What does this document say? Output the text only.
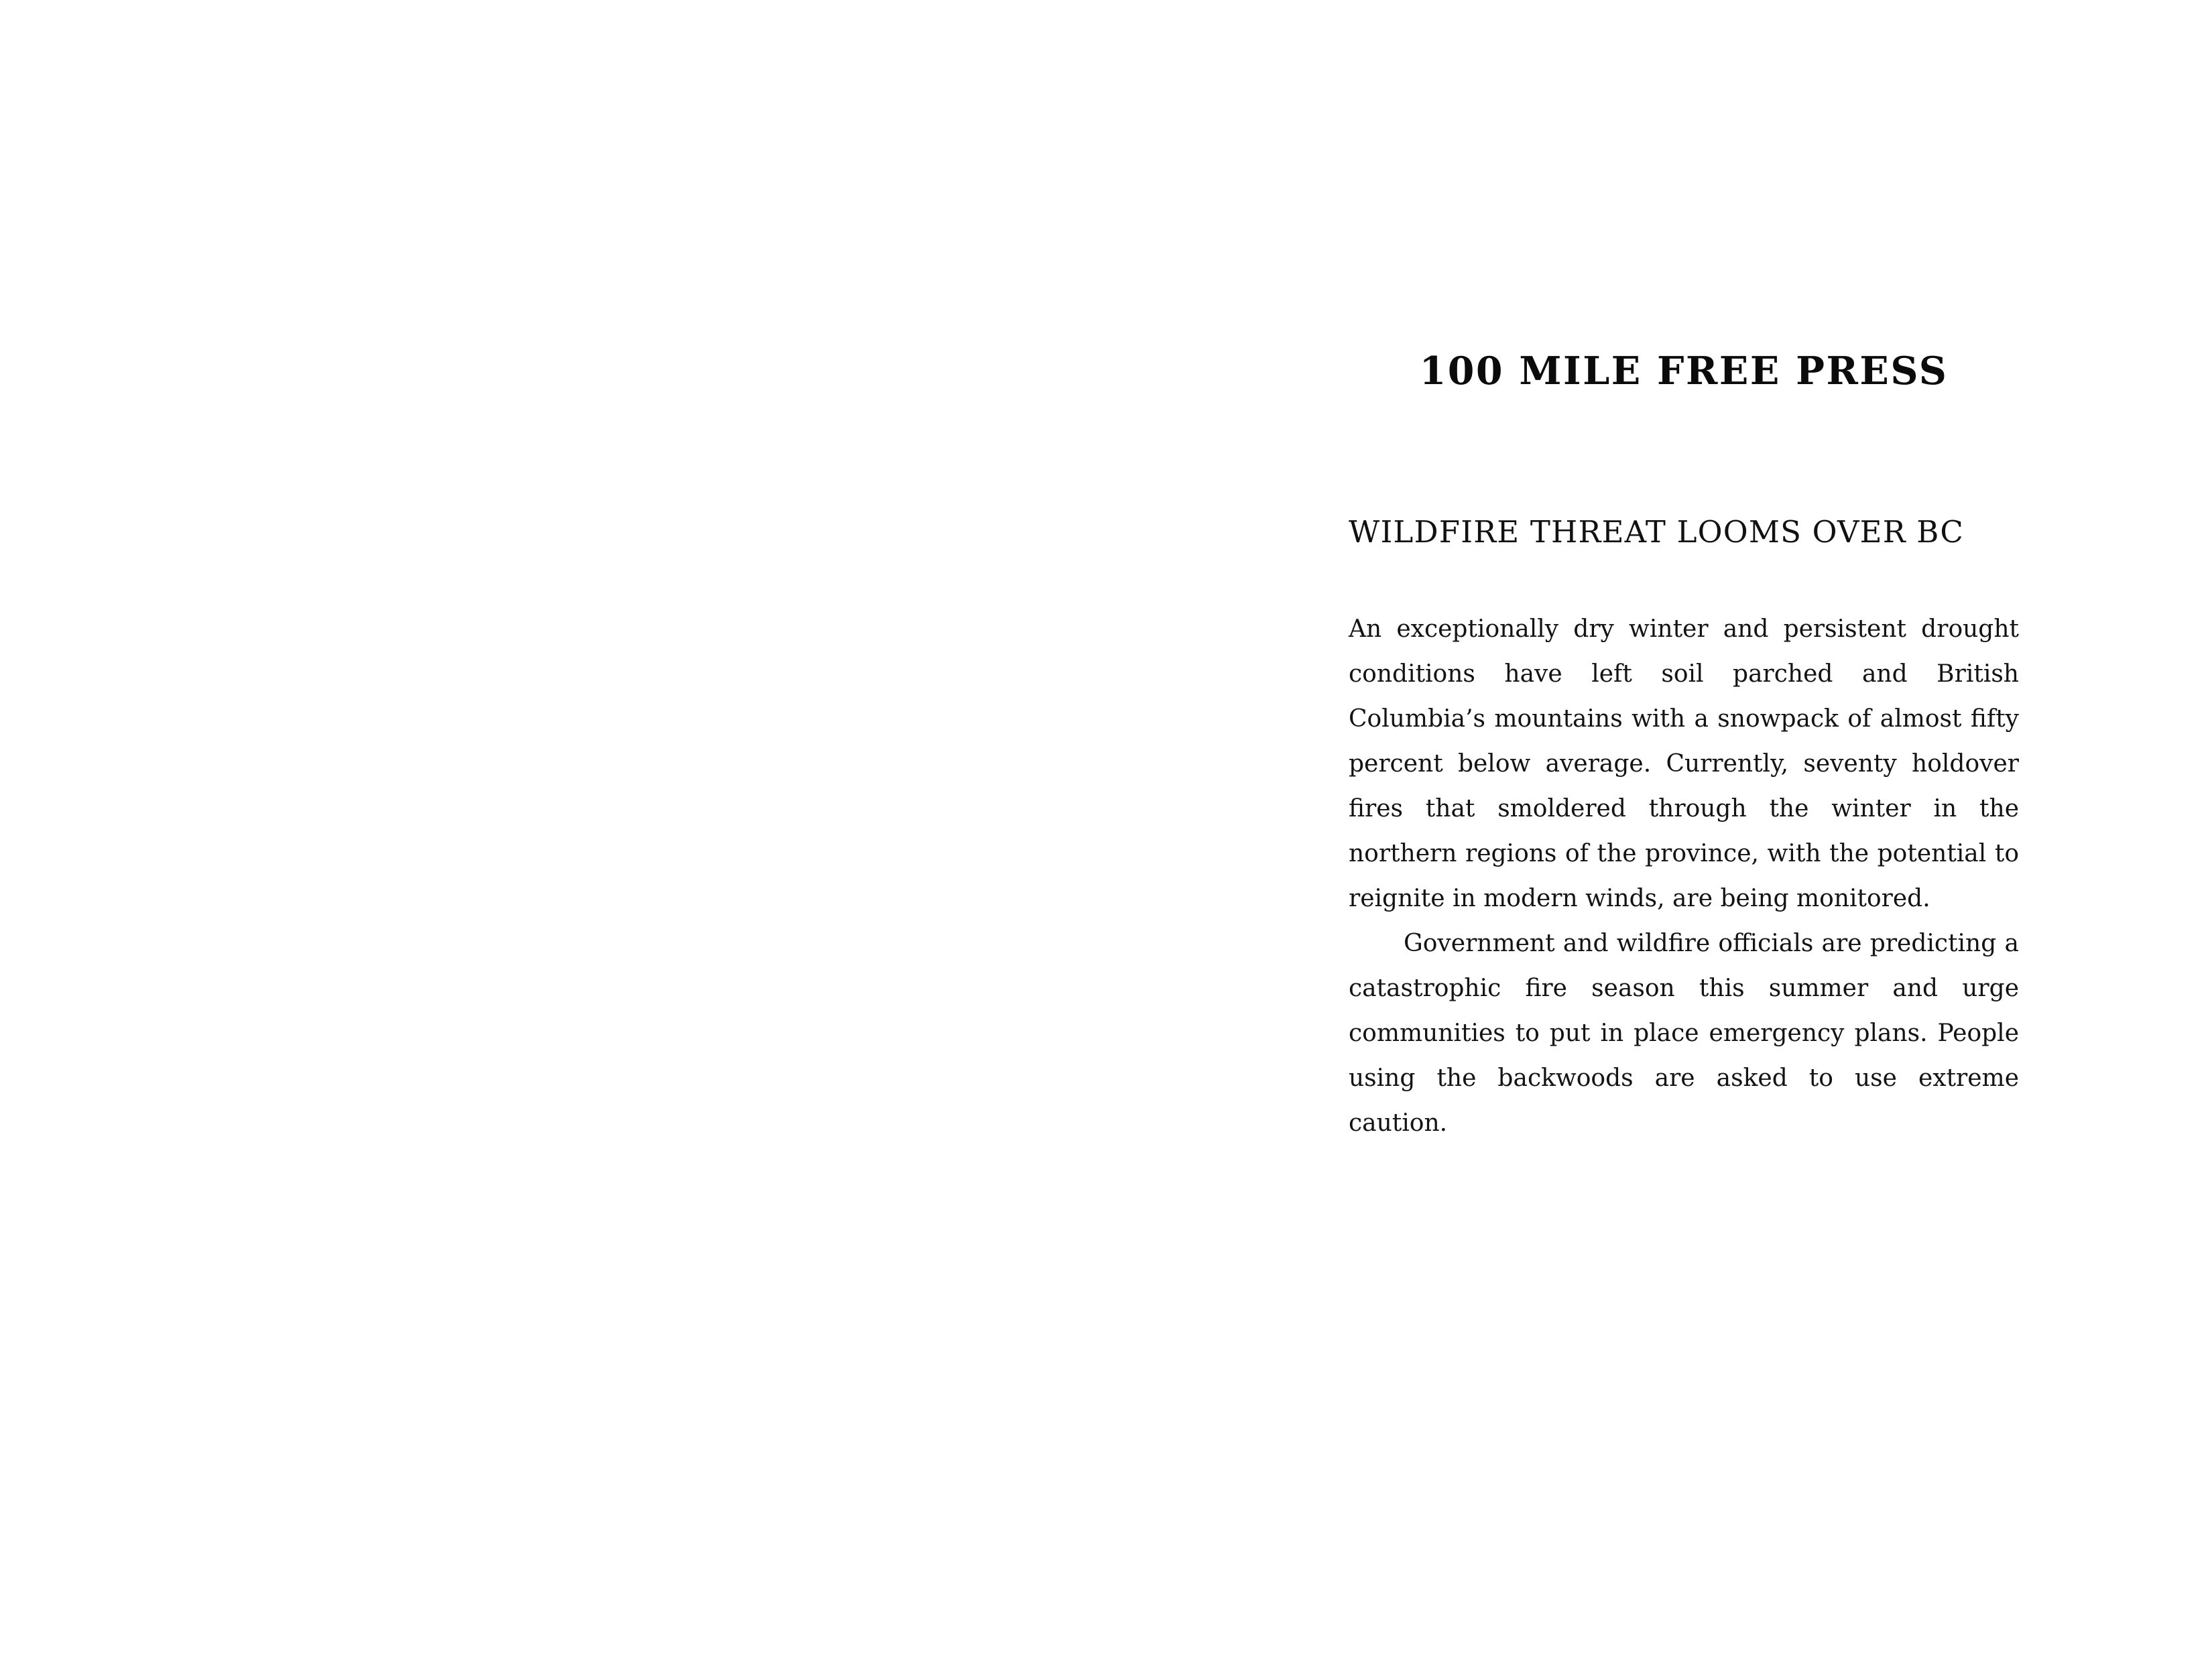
100 MILE FREE PRESS
WILDFIRE THREAT LOOMS OVER BC

An exceptionally dry winter and persistent drought conditions have left soil parched and British Columbia’s mountains with a snowpack of almost fifty percent below average. Currently, seventy holdover fires that smoldered through the winter in the northern regions of the province, with the potential to reignite in modern winds, are being monitored.

Government and wildfire officials are predicting a catastrophic fire season this summer and urge communities to put in place emergency plans. People using the backwoods are asked to use extreme caution.
